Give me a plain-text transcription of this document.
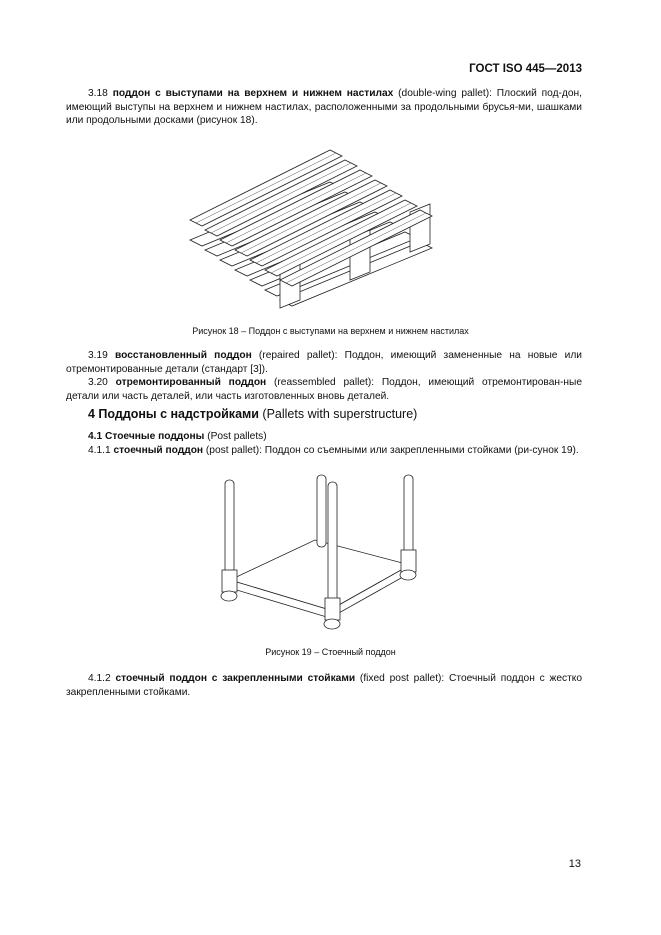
ГОСТ ISO 445—2013

3.18 поддон с выступами на верхнем и нижнем настилах (double-wing pallet): Плоский под-дон, имеющий выступы на верхнем и нижнем настилах, расположенными за продольными брусья-ми, шашками или продольными досками (рисунок 18).

Рисунок 18 – Поддон с выступами на верхнем и нижнем настилах

3.19 восстановленный поддон (repaired pallet): Поддон, имеющий замененные на новые или отремонтированные детали (стандарт [3]).

3.20 отремонтированный поддон (reassembled pallet): Поддон, имеющий отремонтирован-ные детали или часть деталей, или часть изготовленных вновь деталей.

4 Поддоны с надстройками (Pallets with superstructure)

4.1 Стоечные поддоны (Post pallets)

4.1.1 стоечный поддон (post pallet): Поддон со съемными или закрепленными стойками (ри-сунок 19).

Рисунок 19 – Стоечный поддон

4.1.2 стоечный поддон с закрепленными стойками (fixed post pallet): Стоечный поддон с жестко закрепленными стойками.

13
